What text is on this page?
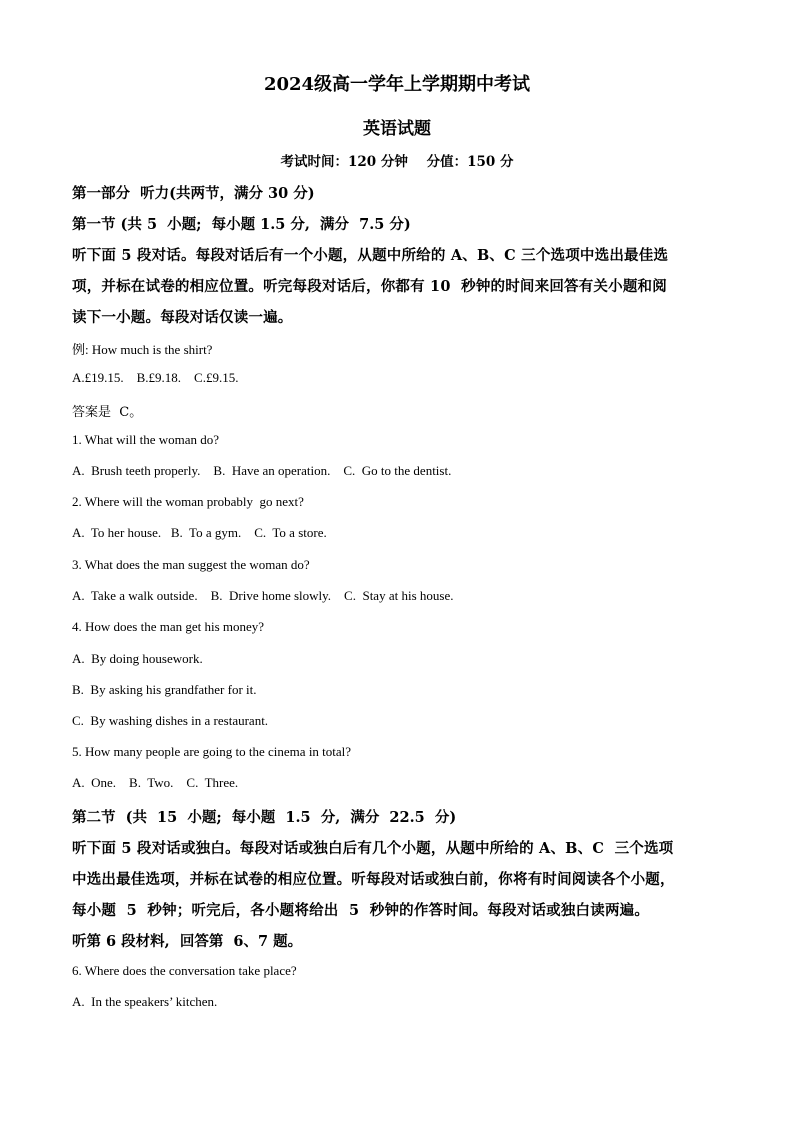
2024级高一学年上学期期中考试
英语试题
考试时间：120 分钟    分值：150 分
第一部分  听力(共两节，满分 30 分)
第一节 (共 5  小题;  每小题 1.5 分,  满分  7.5 分)
听下面 5 段对话。每段对话后有一个小题，从题中所给的 A、B、C 三个选项中选出最佳选
项，并标在试卷的相应位置。听完每段对话后，你都有 10  秒钟的时间来回答有关小题和阅
读下一小题。每段对话仅读一遍。
例: How much is the shirt?
A.£19.15.    B.£9.18.    C.£9.15.
答案是  C。
1. What will the woman do?
A.  Brush teeth properly.    B.  Have an operation.    C.  Go to the dentist.
2. Where will the woman probably  go next?
A.  To her house.   B.  To a gym.    C.  To a store.
3. What does the man suggest the woman do?
A.  Take a walk outside.    B.  Drive home slowly.    C.  Stay at his house.
4. How does the man get his money?
A.  By doing housework.
B.  By asking his grandfather for it.
C.  By washing dishes in a restaurant.
5. How many people are going to the cinema in total?
A.  One.    B.  Two.    C.  Three.
第二节  (共  15  小题;  每小题  1.5  分,  满分  22.5  分)
听下面 5 段对话或独白。每段对话或独白后有几个小题，从题中所给的 A、B、C  三个选项
中选出最佳选项，并标在试卷的相应位置。听每段对话或独白前，你将有时间阅读各个小题，
每小题  5  秒钟；听完后，各小题将给出  5  秒钟的作答时间。每段对话或独白读两遍。
听第 6 段材料,  回答第  6、7 题。
6. Where does the conversation take place?
A.  In the speakers’ kitchen.
